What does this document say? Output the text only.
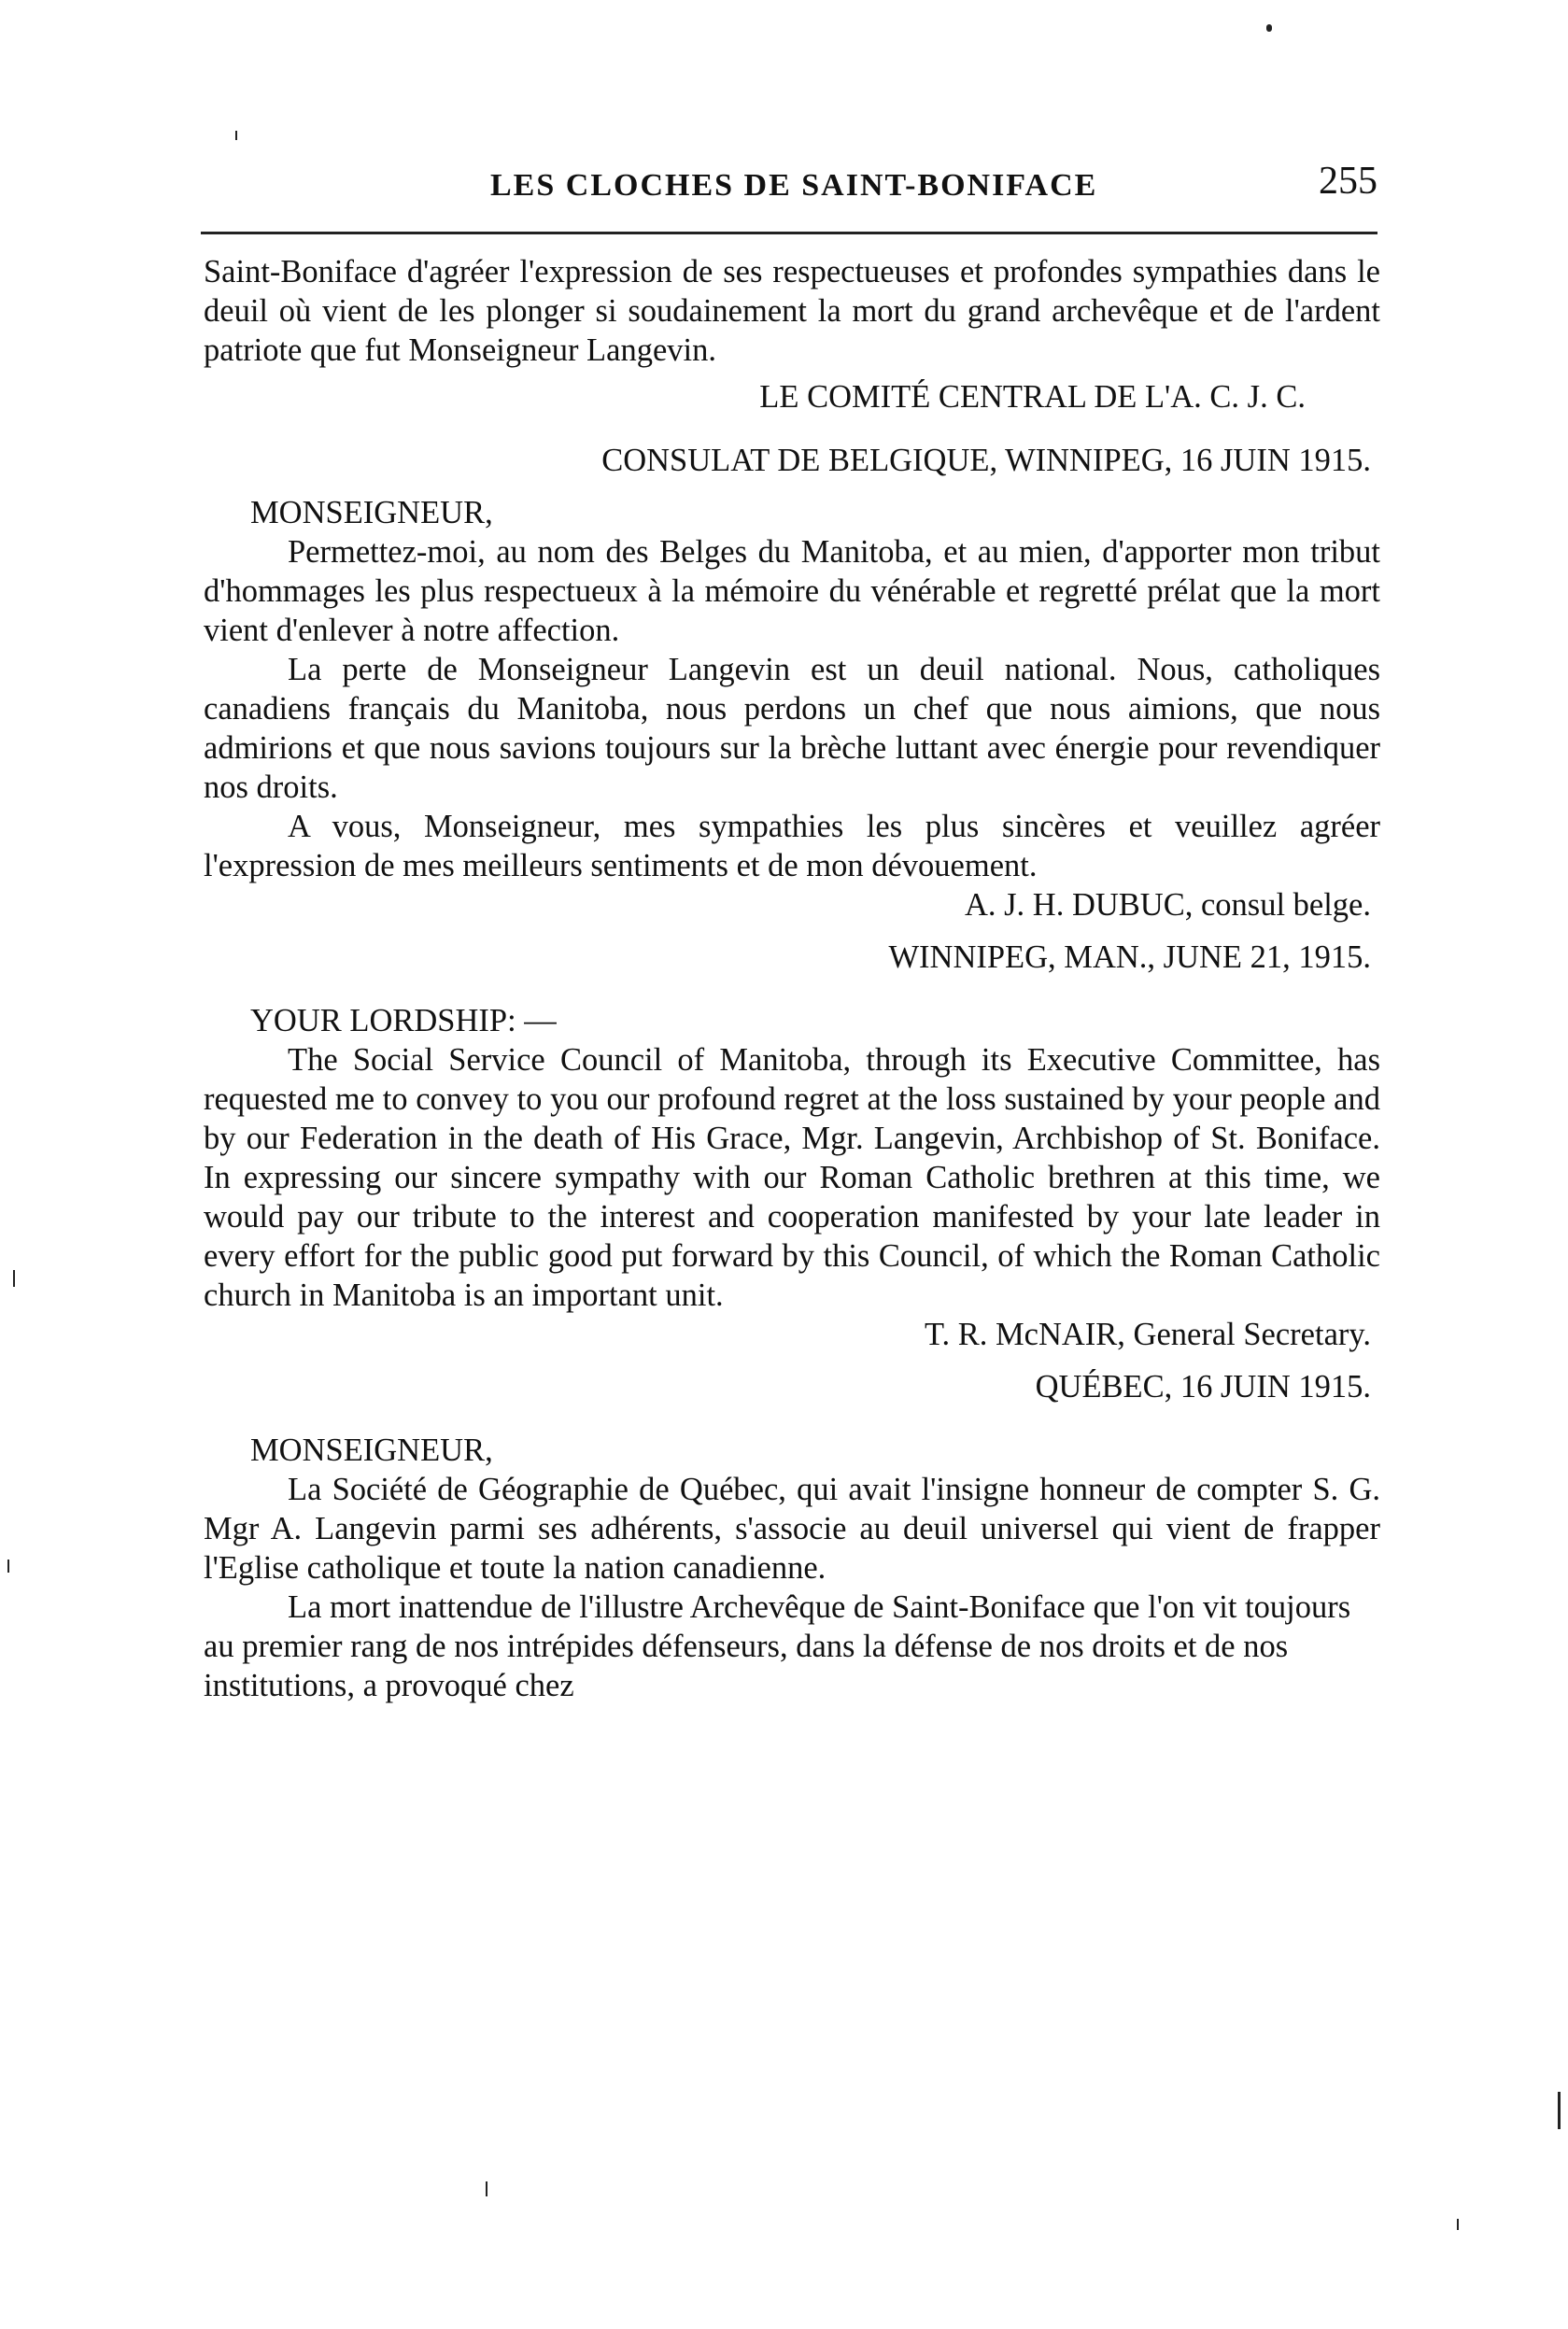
LES CLOCHES DE SAINT-BONIFACE	255

Saint-Boniface d'agréer l'expression de ses respectueuses et profondes sympathies dans le deuil où vient de les plonger si soudainement la mort du grand archevêque et de l'ardent patriote que fut Monseigneur Langevin.

LE COMITÉ CENTRAL DE L'A. C. J. C.

CONSULAT DE BELGIQUE, WINNIPEG, 16 JUIN 1915.

MONSEIGNEUR,

Permettez-moi, au nom des Belges du Manitoba, et au mien, d'apporter mon tribut d'hommages les plus respectueux à la mémoire du vénérable et regretté prélat que la mort vient d'enlever à notre affection.

La perte de Monseigneur Langevin est un deuil national. Nous, catholiques canadiens français du Manitoba, nous perdons un chef que nous aimions, que nous admirions et que nous savions toujours sur la brèche luttant avec énergie pour revendiquer nos droits.

A vous, Monseigneur, mes sympathies les plus sincères et veuillez agréer l'expression de mes meilleurs sentiments et de mon dévouement.

A. J. H. DUBUC, consul belge.

WINNIPEG, MAN., JUNE 21, 1915.

YOUR LORDSHIP: —

The Social Service Council of Manitoba, through its Executive Committee, has requested me to convey to you our profound regret at the loss sustained by your people and by our Federation in the death of His Grace, Mgr. Langevin, Archbishop of St. Boniface. In expressing our sincere sympathy with our Roman Catholic brethren at this time, we would pay our tribute to the interest and cooperation manifested by your late leader in every effort for the public good put forward by this Council, of which the Roman Catholic church in Manitoba is an important unit.

T. R. McNAIR, General Secretary.

QUÉBEC, 16 JUIN 1915.

MONSEIGNEUR,

La Société de Géographie de Québec, qui avait l'insigne honneur de compter S. G. Mgr A. Langevin parmi ses adhérents, s'associe au deuil universel qui vient de frapper l'Eglise catholique et toute la nation canadienne.

La mort inattendue de l'illustre Archevêque de Saint-Boniface que l'on vit toujours au premier rang de nos intrépides défenseurs, dans la défense de nos droits et de nos institutions, a provoqué chez
